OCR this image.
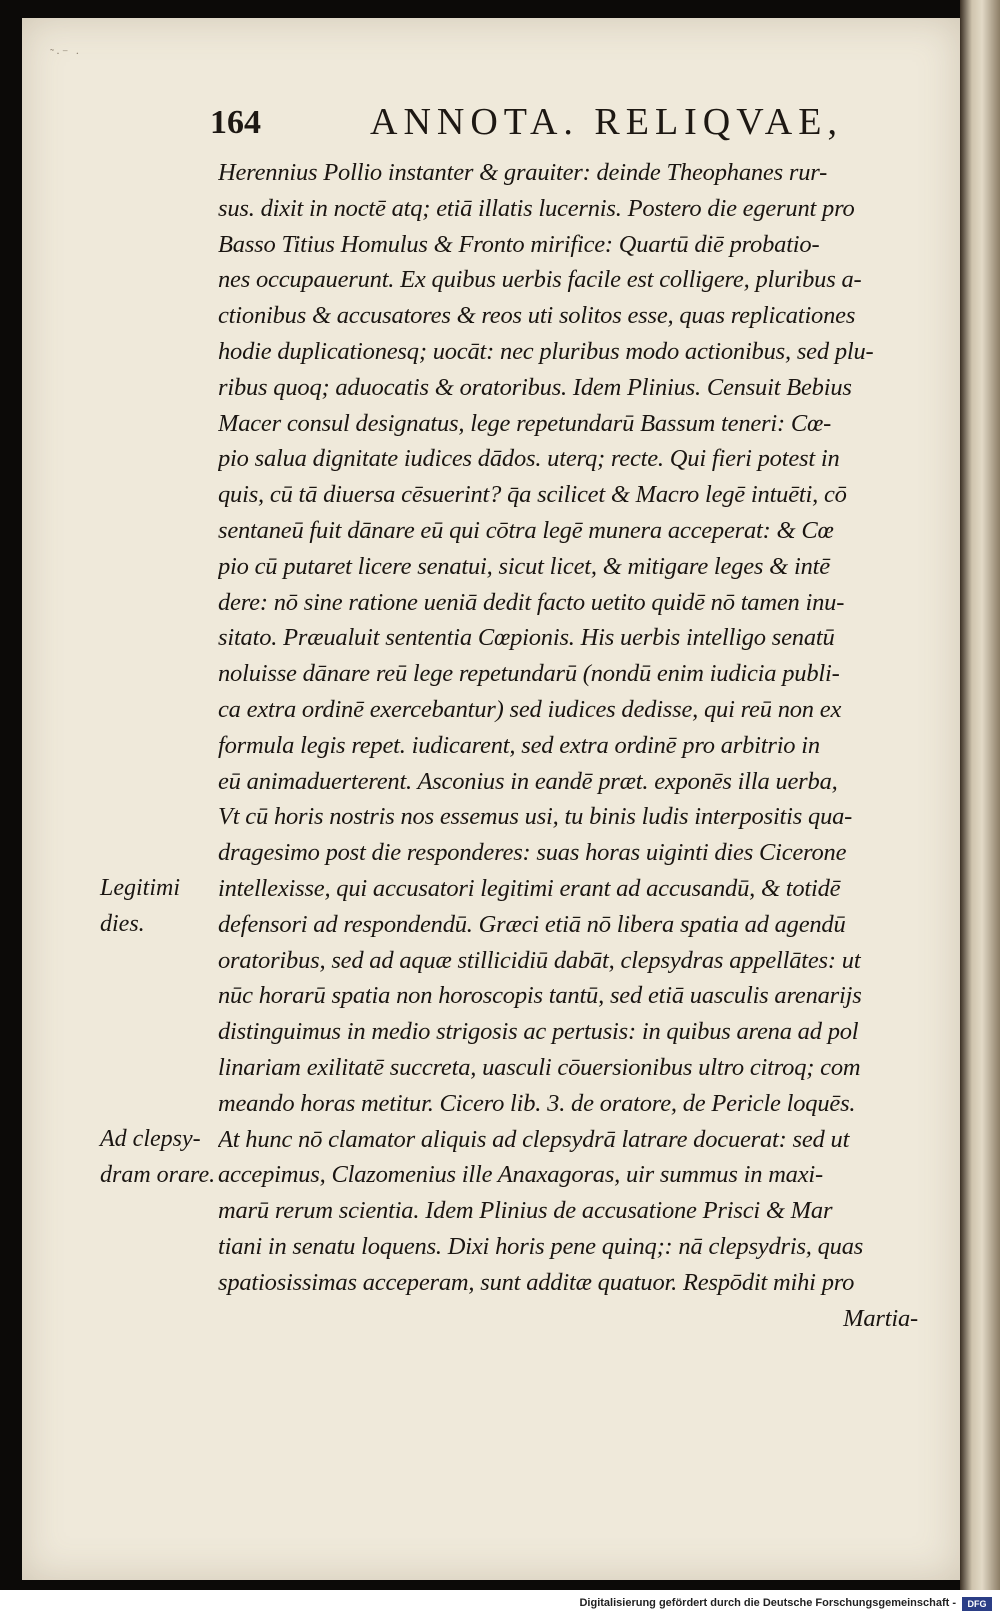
˜·⁻ ·
164	ANNOTA. RELIQVAE,
Herennius Pollio instanter & grauiter: deinde Theophanes rur-
sus. dixit in noctē atq; etiā illatis lucernis. Postero die egerunt pro
Basso Titius Homulus & Fronto mirifice: Quartū diē probatio-
nes occupauerunt. Ex quibus uerbis facile est colligere, pluribus a-
ctionibus & accusatores & reos uti solitos esse, quas replicationes
hodie duplicationesq; uocāt: nec pluribus modo actionibus, sed plu-
ribus quoq; aduocatis & oratoribus. Idem Plinius. Censuit Bebius
Macer consul designatus, lege repetundarū Bassum teneri: Cœ-
pio salua dignitate iudices dādos. uterq; recte. Qui fieri potest in
quis, cū tā diuersa cēsuerint? q̄a scilicet & Macro legē intuēti, cō
sentaneū fuit dānare eū qui cōtra legē munera acceperat: & Cœ
pio cū putaret licere senatui, sicut licet, & mitigare leges & intē
dere: nō sine ratione ueniā dedit facto uetito quidē nō tamen inu-
sitato. Præualuit sententia Cœpionis. His uerbis intelligo senatū
noluisse dānare reū lege repetundarū (nondū enim iudicia publi-
ca extra ordinē exercebantur) sed iudices dedisse, qui reū non ex
formula legis repet. iudicarent, sed extra ordinē pro arbitrio in
eū animaduerterent. Asconius in eandē præt. exponēs illa uerba,
Vt cū horis nostris nos essemus usi, tu binis ludis interpositis qua-
dragesimo post die responderes: suas horas uiginti dies Cicerone
intellexisse, qui accusatori legitimi erant ad accusandū, & totidē
defensori ad respondendū. Græci etiā nō libera spatia ad agendū
oratoribus, sed ad aquæ stillicidiū dabāt, clepsydras appellātes: ut
nūc horarū spatia non horoscopis tantū, sed etiā uasculis arenarijs
distinguimus in medio strigosis ac pertusis: in quibus arena ad pol
linariam exilitatē succreta, uasculi cōuersionibus ultro citroq; com
meando horas metitur. Cicero lib. 3. de oratore, de Pericle loquēs.
At hunc nō clamator aliquis ad clepsydrā latrare docuerat: sed ut
accepimus, Clazomenius ille Anaxagoras, uir summus in maxi-
marū rerum scientia. Idem Plinius de accusatione Prisci & Mar
tiani in senatu loquens. Dixi horis pene quinq;: nā clepsydris, quas
spatiosissimas acceperam, sunt additæ quatuor. Respōdit mihi pro
Martia-
Legitimi
dies.
Ad clepsy-
dram orare.
Digitalisierung gefördert durch die Deutsche Forschungsgemeinschaft -	DFG
